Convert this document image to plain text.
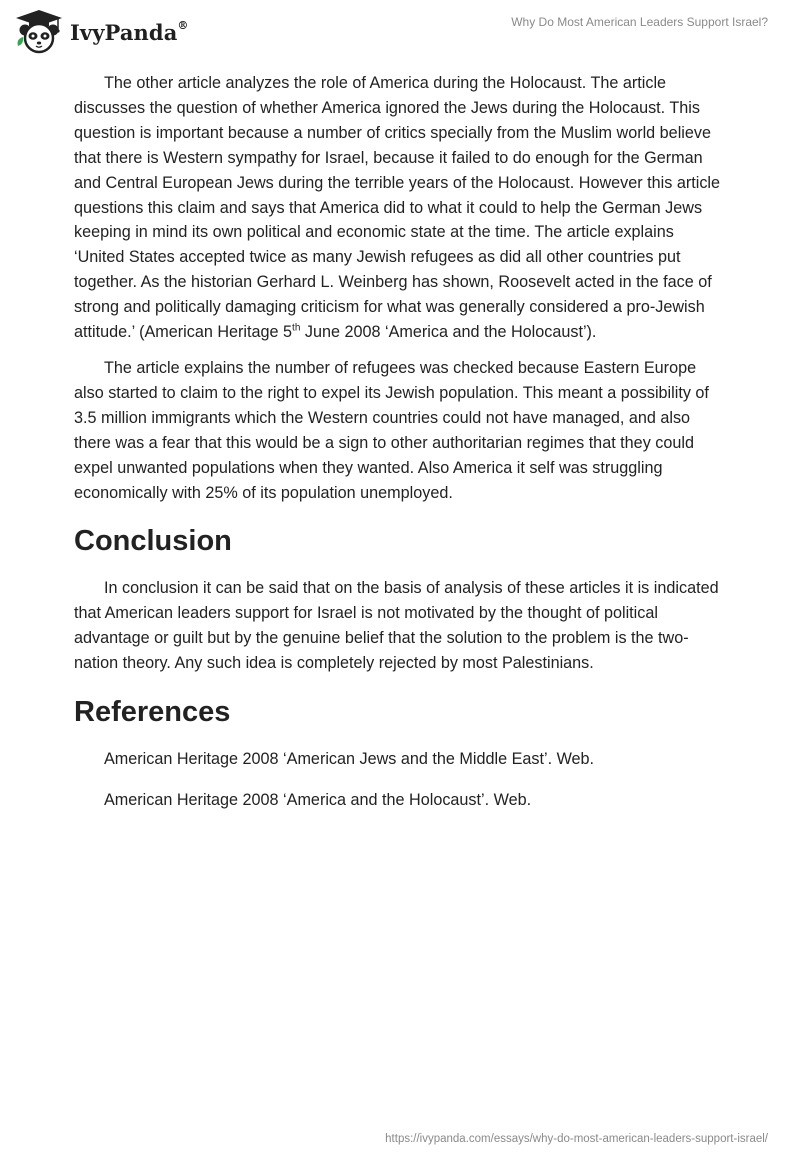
IvyPanda®	Why Do Most American Leaders Support Israel?

The other article analyzes the role of America during the Holocaust. The article discusses the question of whether America ignored the Jews during the Holocaust. This question is important because a number of critics specially from the Muslim world believe that there is Western sympathy for Israel, because it failed to do enough for the German and Central European Jews during the terrible years of the Holocaust. However this article questions this claim and says that America did to what it could to help the German Jews keeping in mind its own political and economic state at the time. The article explains ‘United States accepted twice as many Jewish refugees as did all other countries put together. As the historian Gerhard L. Weinberg has shown, Roosevelt acted in the face of strong and politically damaging criticism for what was generally considered a pro-Jewish attitude.’ (American Heritage 5th June 2008 ‘America and the Holocaust’).

The article explains the number of refugees was checked because Eastern Europe also started to claim to the right to expel its Jewish population. This meant a possibility of 3.5 million immigrants which the Western countries could not have managed, and also there was a fear that this would be a sign to other authoritarian regimes that they could expel unwanted populations when they wanted. Also America it self was struggling economically with 25% of its population unemployed.

Conclusion

In conclusion it can be said that on the basis of analysis of these articles it is indicated that American leaders support for Israel is not motivated by the thought of political advantage or guilt but by the genuine belief that the solution to the problem is the two-nation theory. Any such idea is completely rejected by most Palestinians.

References

American Heritage 2008 ‘American Jews and the Middle East’. Web.

American Heritage 2008 ‘America and the Holocaust’. Web.

https://ivypanda.com/essays/why-do-most-american-leaders-support-israel/
